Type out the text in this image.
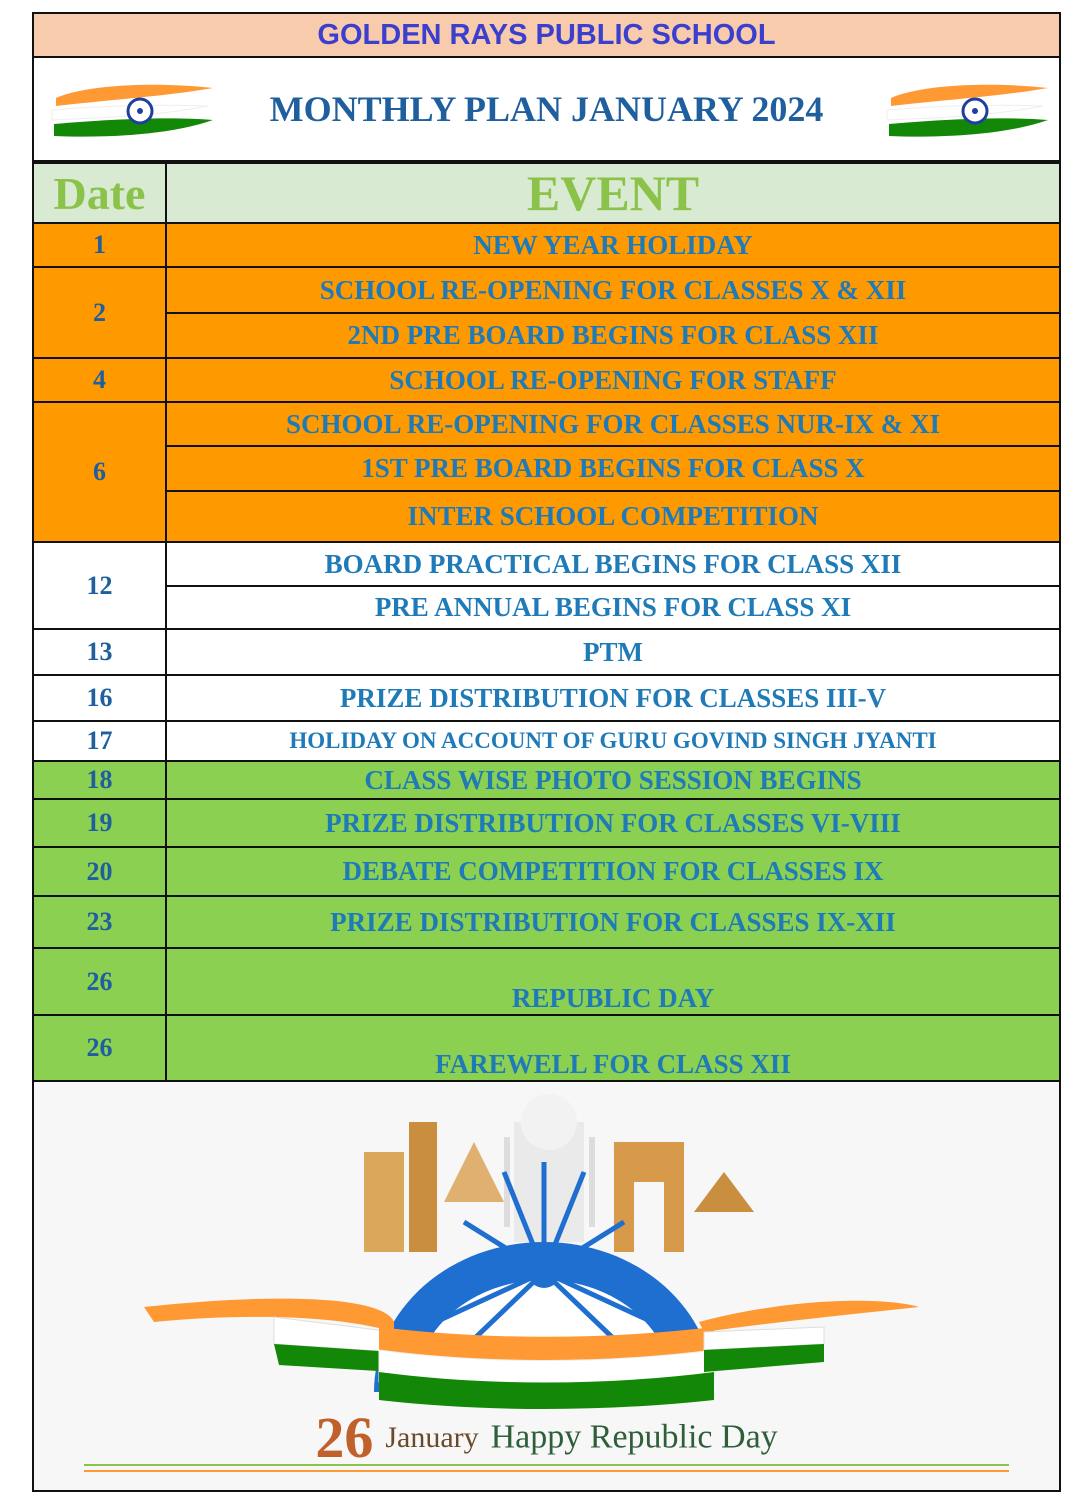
GOLDEN RAYS PUBLIC SCHOOL
MONTHLY PLAN JANUARY 2024
Date	EVENT
1	NEW YEAR HOLIDAY
2	SCHOOL RE-OPENING FOR CLASSES X & XII
	2ND PRE BOARD BEGINS FOR CLASS XII
4	SCHOOL RE-OPENING FOR STAFF
6	SCHOOL RE-OPENING FOR CLASSES NUR-IX & XI
	1ST PRE BOARD BEGINS FOR CLASS X
	INTER SCHOOL COMPETITION
12	BOARD PRACTICAL BEGINS FOR CLASS XII
	PRE ANNUAL BEGINS FOR CLASS XI
13	PTM
16	PRIZE DISTRIBUTION FOR CLASSES III-V
17	HOLIDAY ON ACCOUNT OF GURU GOVIND SINGH JYANTI
18	CLASS WISE PHOTO SESSION BEGINS
19	PRIZE DISTRIBUTION FOR CLASSES VI-VIII
20	DEBATE COMPETITION FOR CLASSES IX
23	PRIZE DISTRIBUTION FOR CLASSES IX-XII
26	REPUBLIC DAY
26	FAREWELL FOR CLASS XII
26 January Happy Republic Day
